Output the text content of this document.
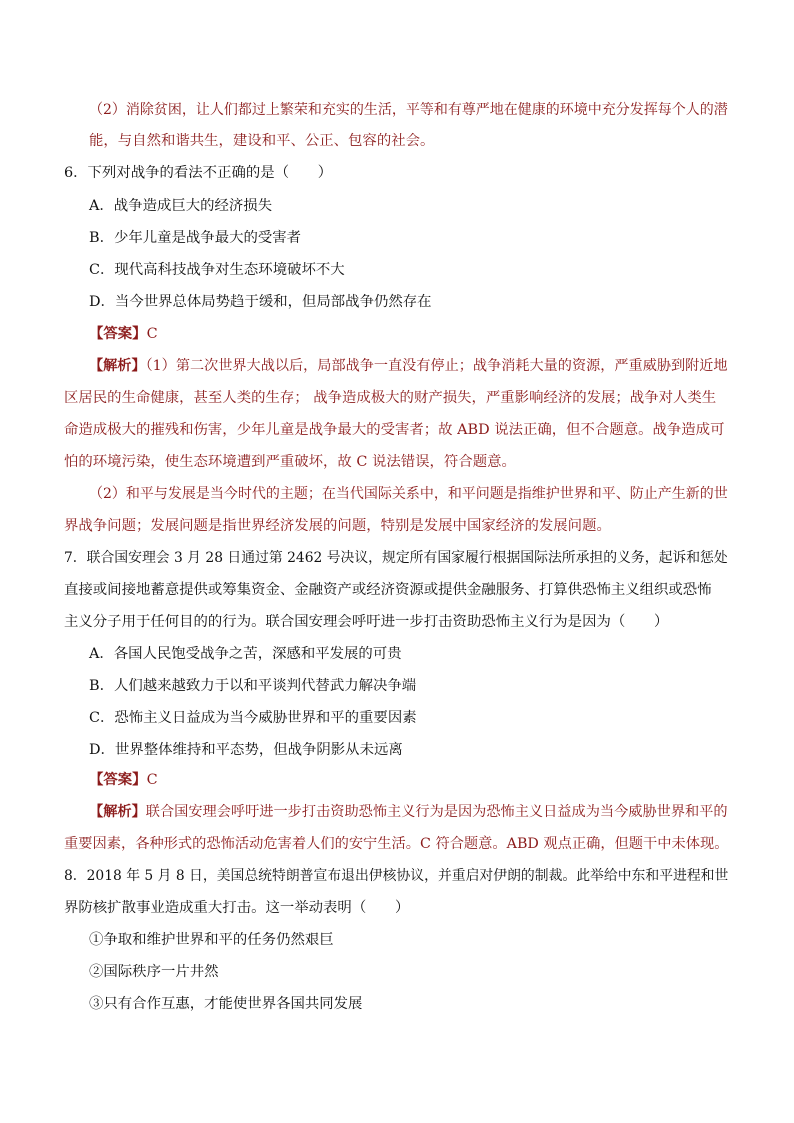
（2）消除贫困，让人们都过上繁荣和充实的生活，平等和有尊严地在健康的环境中充分发挥每个人的潜
能，与自然和谐共生，建设和平、公正、包容的社会。
6．下列对战争的看法不正确的是（　　）
A．战争造成巨大的经济损失
B．少年儿童是战争最大的受害者
C．现代高科技战争对生态环境破坏不大
D．当今世界总体局势趋于缓和，但局部战争仍然存在
【答案】C
【解析】（1）第二次世界大战以后，局部战争一直没有停止；战争消耗大量的资源，严重威胁到附近地
区居民的生命健康，甚至人类的生存； 战争造成极大的财产损失，严重影响经济的发展；战争对人类生
命造成极大的摧残和伤害，少年儿童是战争最大的受害者；故 ABD 说法正确，但不合题意。战争造成可
怕的环境污染，使生态环境遭到严重破坏，故 C 说法错误，符合题意。
（2）和平与发展是当今时代的主题；在当代国际关系中，和平问题是指维护世界和平、防止产生新的世
界战争问题；发展问题是指世界经济发展的问题，特别是发展中国家经济的发展问题。
7．联合国安理会 3 月 28 日通过第 2462 号决议，规定所有国家履行根据国际法所承担的义务，起诉和惩处
直接或间接地蓄意提供或筹集资金、金融资产或经济资源或提供金融服务、打算供恐怖主义组织或恐怖
主义分子用于任何目的的行为。联合国安理会呼吁进一步打击资助恐怖主义行为是因为（　　）
A．各国人民饱受战争之苦，深感和平发展的可贵
B．人们越来越致力于以和平谈判代替武力解决争端
C．恐怖主义日益成为当今威胁世界和平的重要因素
D．世界整体维持和平态势，但战争阴影从未远离
【答案】C
【解析】联合国安理会呼吁进一步打击资助恐怖主义行为是因为恐怖主义日益成为当今威胁世界和平的
重要因素，各种形式的恐怖活动危害着人们的安宁生活。C 符合题意。ABD 观点正确，但题干中未体现。
8．2018 年 5 月 8 日，美国总统特朗普宣布退出伊核协议，并重启对伊朗的制裁。此举给中东和平进程和世
界防核扩散事业造成重大打击。这一举动表明（　　）
①争取和维护世界和平的任务仍然艰巨
②国际秩序一片井然
③只有合作互惠，才能使世界各国共同发展
